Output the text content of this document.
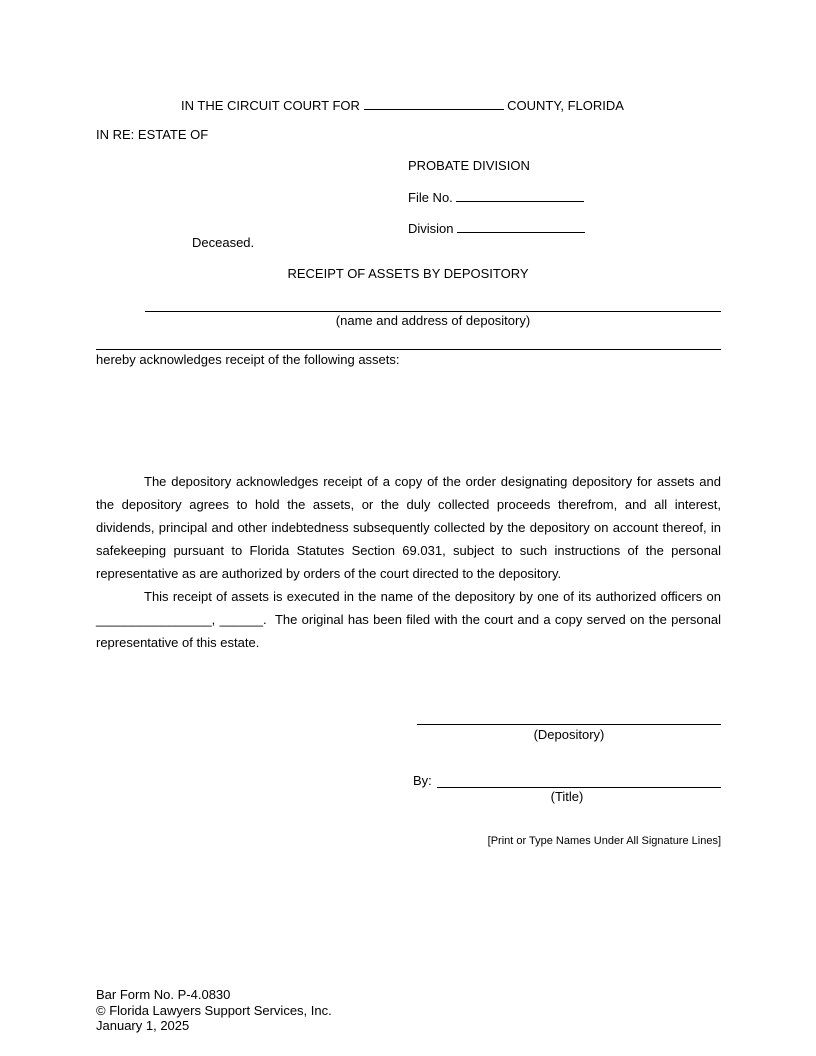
IN THE CIRCUIT COURT FOR	COUNTY, FLORIDA
IN RE: ESTATE OF
PROBATE DIVISION
File No.
Division
Deceased.
RECEIPT OF ASSETS BY DEPOSITORY
(name and address of depository)
hereby acknowledges receipt of the following assets:
The depository acknowledges receipt of a copy of the order designating depository for assets and the depository agrees to hold the assets, or the duly collected proceeds therefrom, and all interest, dividends, principal and other indebtedness subsequently collected by the depository on account thereof, in safekeeping pursuant to Florida Statutes Section 69.031, subject to such instructions of the personal representative as are authorized by orders of the court directed to the depository.
This receipt of assets is executed in the name of the depository by one of its authorized officers on ________________, ______. The original has been filed with the court and a copy served on the personal representative of this estate.
(Depository)
By:
(Title)
[Print or Type Names Under All Signature Lines]
Bar Form No. P-4.0830
© Florida Lawyers Support Services, Inc.
January 1, 2025
